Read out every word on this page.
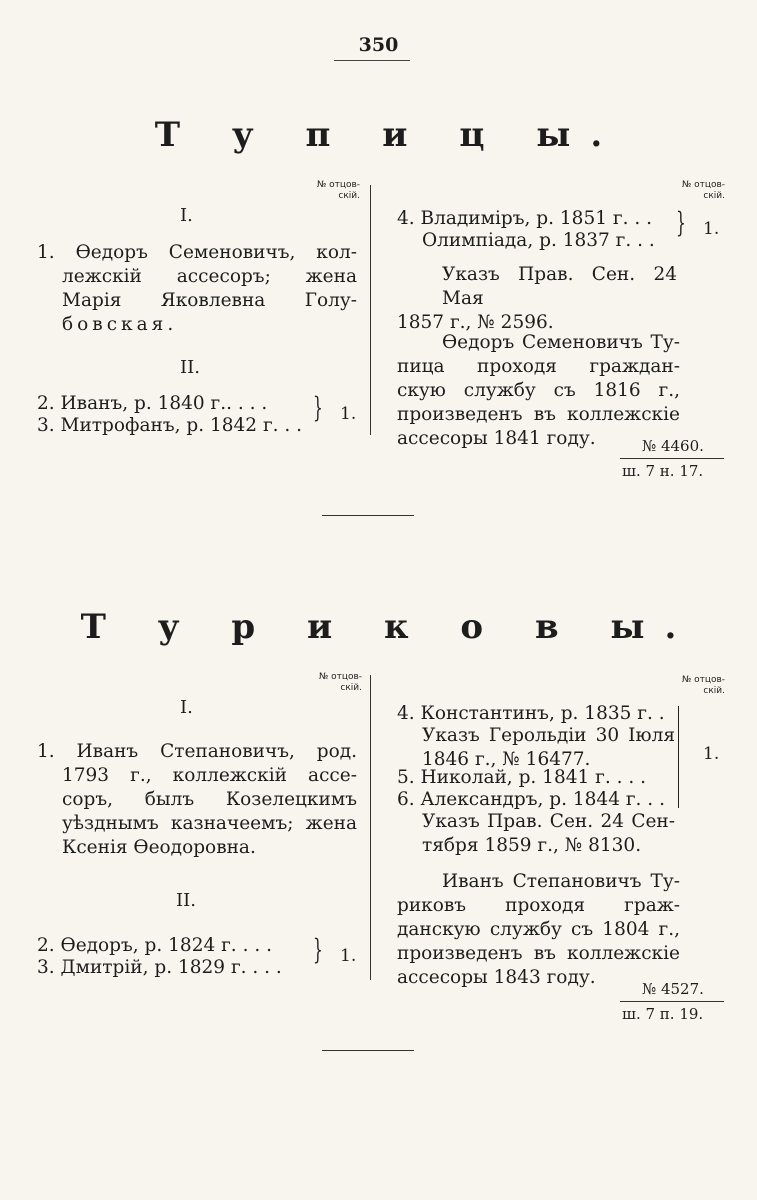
350
Т у п и ц ы.
№ отцов-
скій.
I.
1. Ѳедоръ Семеновичъ, кол-
лежскій ассесоръ; жена
Марія Яковлевна Голу-
бовская.
II.
2. Иванъ, р. 1840 г.. . . .
3. Митрофанъ, р. 1842 г. . .
} 1.
№ отцов-
скій.
4. Владиміръ, р. 1851 г. . .
Олимпіада, р. 1837 г. . .
} 1.
Указъ Прав. Сен. 24 Мая
1857 г., № 2596.
Ѳедоръ Семеновичъ Ту-
пица проходя граждан-
скую службу съ 1816 г.,
произведенъ въ коллежскіе
ассесоры 1841 году.	№ 4460.
ш. 7 н. 17.
Т у р и к о в ы.
№ отцов-
скій.
I.
1. Иванъ Степановичъ, род.
1793 г., коллежскій ассе-
соръ, былъ Козелецкимъ
уѣзднымъ казначеемъ; жена
Ксенія Ѳеодоровна.
II.
2. Ѳедоръ, р. 1824 г. . . .
3. Дмитрій, р. 1829 г. . . .
} 1.
№ отцов-
скій.
4. Константинъ, р. 1835 г. .
Указъ Герольдіи 30 Іюля
1846 г., № 16477.
5. Николай, р. 1841 г. . . .
6. Александръ, р. 1844 г. . .
Указъ Прав. Сен. 24 Сен-
тября 1859 г., № 8130.
1.
Иванъ Степановичъ Ту-
риковъ проходя граж-
данскую службу съ 1804 г.,
произведенъ въ коллежскіе
ассесоры 1843 году.
№ 4527.
ш. 7 п. 19.
